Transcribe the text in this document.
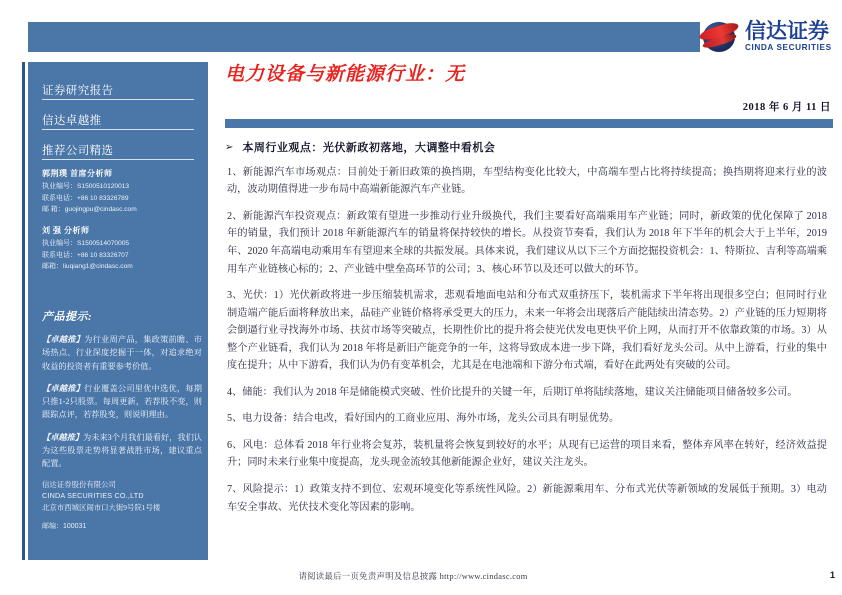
信达证券
CINDA SECURITIES
证券研究报告
信达卓越推
推荐公司精选
郭荆璞 首席分析师
执业编号：S1500510120013
联系电话：+86 10 83326789
邮 箱：guojingpu@cindasc.com
刘 强 分析师
执业编号：S1500514070005
联系电话：+86 10 83326707
邮箱：liuqiang1@cindasc.com
产品提示:
【卓越推】为行业周产品，集政策前瞻、市场热点、行业深度挖掘于一体，对追求绝对收益的投资者有重要参考价值。
【卓越推】行业覆盖公司里优中选优，每期只推1-2只股票。每周更新，若荐股不变，则跟踪点评，若荐股变，则说明理由。
【卓越推】为未来3个月我们最看好，我们认为这些股票走势将显著战胜市场，建议重点配置。
信达证券股份有限公司
CINDA SECURITIES CO.,LTD
北京市西城区闹市口大街9号院1号楼
邮编：100031
电力设备与新能源行业：无
2018 年 6 月 11 日
➢ 本周行业观点：光伏新政初落地，大调整中看机会

1、新能源汽车市场观点：目前处于新旧政策的换挡期，车型结构变化比较大，中高端车型占比将持续提高；换挡期将迎来行业的波动，波动期值得进一步布局中高端新能源汽车产业链。

2、新能源汽车投资观点：新政策有望进一步推动行业升级换代，我们主要看好高端乘用车产业链；同时，新政策的优化保障了 2018 年的销量，我们预计 2018 年新能源汽车的销量将保持较快的增长。从投资节奏看，我们认为 2018 年下半年的机会大于上半年，2019 年、2020 年高端电动乘用车有望迎来全球的共振发展。具体来说，我们建议从以下三个方面挖掘投资机会：1、特斯拉、吉利等高端乘用车产业链核心标的；2、产业链中壁垒高环节的公司；3、核心环节以及还可以做大的环节。

3、光伏：1）光伏新政将进一步压缩装机需求，悲观看地面电站和分布式双重挤压下，装机需求下半年将出现很多空白；但同时行业制造端产能后面将释放出来，晶硅产业链价格将承受更大的压力，未来一年将会出现落后产能陆续出清态势。2）产业链的压力短期将会倒逼行业寻找海外市场、扶贫市场等突破点，长期性价比的提升将会使光伏发电更快平价上网，从而打开不依靠政策的市场。3）从整个产业链看，我们认为 2018 年将是新旧产能竞争的一年，这将导致成本进一步下降，我们看好龙头公司。从中上游看，行业的集中度在提升；从中下游看，我们认为仍有变革机会，尤其是在电池端和下游分布式端，看好在此两处有突破的公司。

4、储能：我们认为 2018 年是储能模式突破、性价比提升的关键一年，后期订单将陆续落地，建议关注储能项目储备较多公司。

5、电力设备：结合电改，看好国内的工商业应用、海外市场，龙头公司具有明显优势。

6、风电：总体看 2018 年行业将会复苏，装机量将会恢复到较好的水平；从现有已运营的项目来看，整体弃风率在转好，经济效益提升；同时未来行业集中度提高，龙头现金流较其他新能源企业好，建议关注龙头。

7、风险提示：1）政策支持不到位、宏观环境变化等系统性风险。2）新能源乘用车、分布式光伏等新领域的发展低于预期。3）电动车安全事故、光伏技术变化等因素的影响。

请阅读最后一页免责声明及信息披露 http://www.cindasc.com	1
